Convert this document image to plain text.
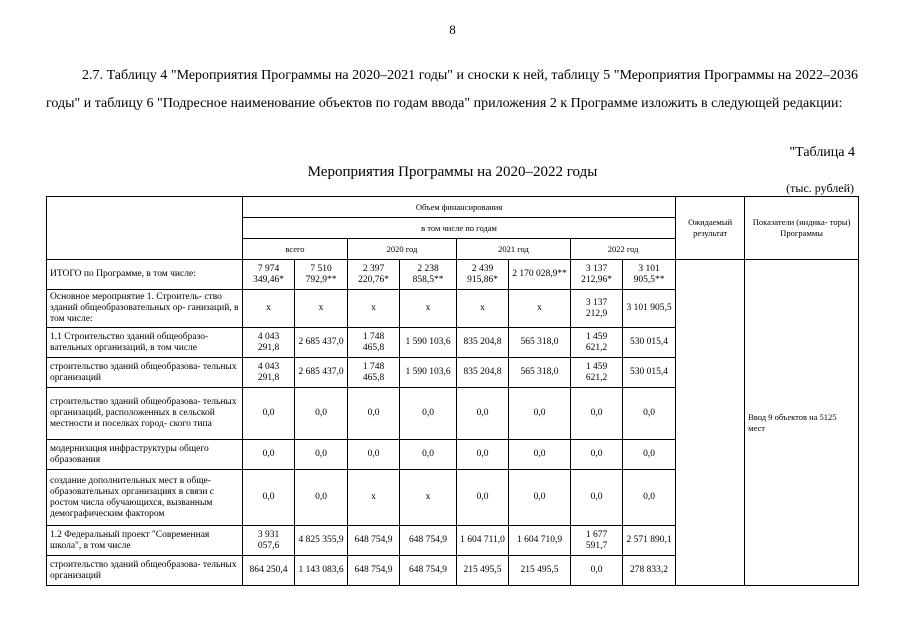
8

2.7. Таблицу 4 "Мероприятия Программы на 2020–2021 годы" и сноски к ней, таблицу 5 "Мероприятия Программы на 2022–2036 годы" и таблицу 6 "Подресное наименование объектов по годам ввода" приложения 2 к Программе изложить в следующей редакции:

"Таблица 4
Мероприятия Программы на 2020–2022 годы
(тыс. рублей)
	Объем финансирования								Ожидаемый результат	Показатели (индика- торы) Программы
	в том числе по годам									
	всего		2020 год		2021 год		2022 год			
ИТОГО по Программе, в том числе:	7 974 349,46*	7 510 792,9**	2 397 220,76*	2 238 858,5**	2 439 915,86*	2 170 028,9**	3 137 212,96*	3 101 905,5**		Ввод 9 объектов на 5125 мест
Основное мероприятие 1. Строитель- ство зданий общеобразовательных ор- ганизаций, в том числе:	х	х	х	х	х	х	3 137 212,9	3 101 905,5		
1.1 Строительство зданий общеобразо- вательных организаций, в том числе	4 043 291,8	2 685 437,0	1 748 465,8	1 590 103,6	835 204,8	565 318,0	1 459 621,2	530 015,4		
строительство зданий общеобразова- тельных организаций	4 043 291,8	2 685 437,0	1 748 465,8	1 590 103,6	835 204,8	565 318,0	1 459 621,2	530 015,4		
строительство зданий общеобразова- тельных организаций, расположенных в сельской местности и поселках город- ского типа	0,0	0,0	0,0	0,0	0,0	0,0	0,0	0,0		
модернизация инфраструктуры общего образования	0,0	0,0	0,0	0,0	0,0	0,0	0,0	0,0		
создание дополнительных мест в обще- образовательных организациях в связи с ростом числа обучающихся, вызванным демографическим фактором	0,0	0,0	х	х	0,0	0,0	0,0	0,0		
1.2 Федеральный проект "Современная школа", в том числе	3 931 057,6	4 825 355,9	648 754,9	648 754,9	1 604 711,0	1 604 710,9	1 677 591,7	2 571 890,1		
строительство зданий общеобразова- тельных организаций	864 250,4	1 143 083,6	648 754,9	648 754,9	215 495,5	215 495,5	0,0	278 833,2		
